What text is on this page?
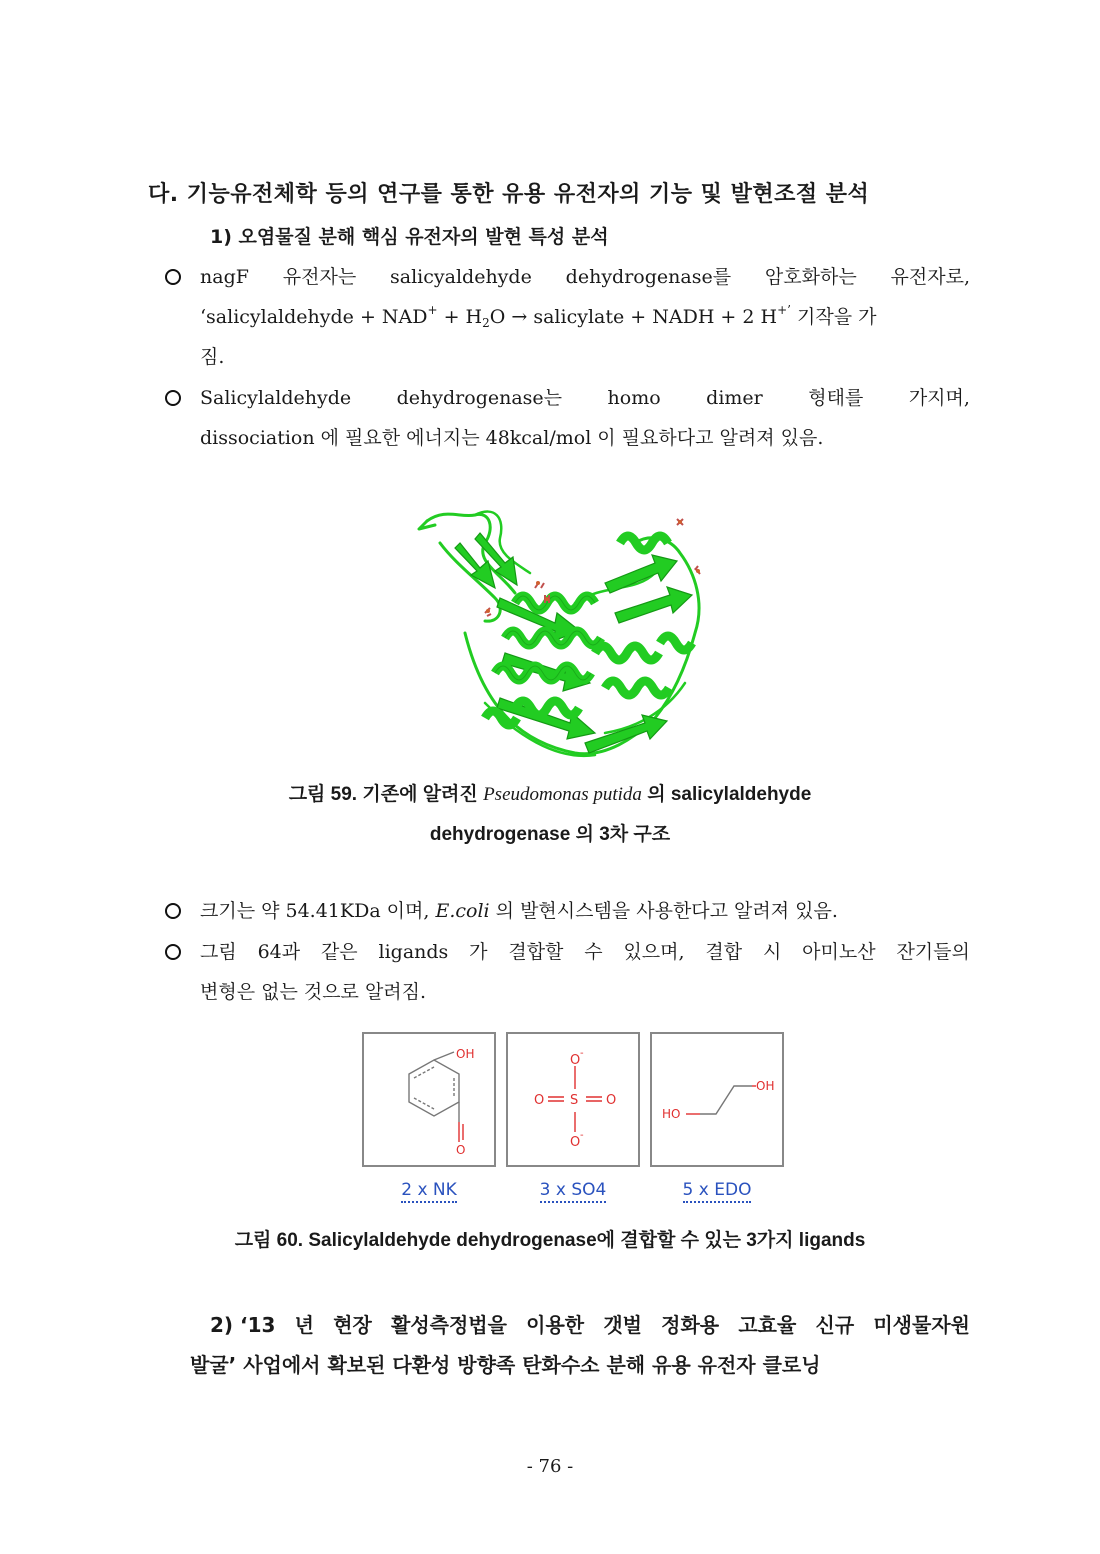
다. 기능유전체학 등의 연구를 통한 유용 유전자의 기능 및 발현조절 분석
1) 오염물질 분해 핵심 유전자의 발현 특성 분석
nagF 유전자는 salicyaldehyde dehydrogenase를 암호화하는 유전자로,
‘salicylaldehyde + $NAD^+ + H_2O$ → salicylate + NADH + 2 H+’ 기작을 가
짐.
Salicylaldehyde dehydrogenase는 homo dimer 형태를 가지며,
dissociation 에 필요한 에너지는 48kcal/mol 이 필요하다고 알려져 있음.
그림 59. 기존에 알려진 Pseudomonas putida 의 salicylaldehyde
dehydrogenase 의 3차 구조
크기는 약 54.41KDa 이며, E.coli 의 발현시스템을 사용한다고 알려져 있음.
그림 64과 같은 ligands 가 결합할 수 있으며, 결합 시 아미노산 잔기들의
변형은 없는 것으로 알려짐.
OH
O
O -
O S O
O -
OH
HO
2 x NK	3 x SO4	5 x EDO
그림 60. Salicylaldehyde dehydrogenase에 결합할 수 있는 3가지 ligands
2) ‘13 년 현장 활성측정법을 이용한 갯벌 정화용 고효율 신규 미생물자원
발굴’ 사업에서 확보된 다환성 방향족 탄화수소 분해 유용 유전자 클로닝
- 76 -
